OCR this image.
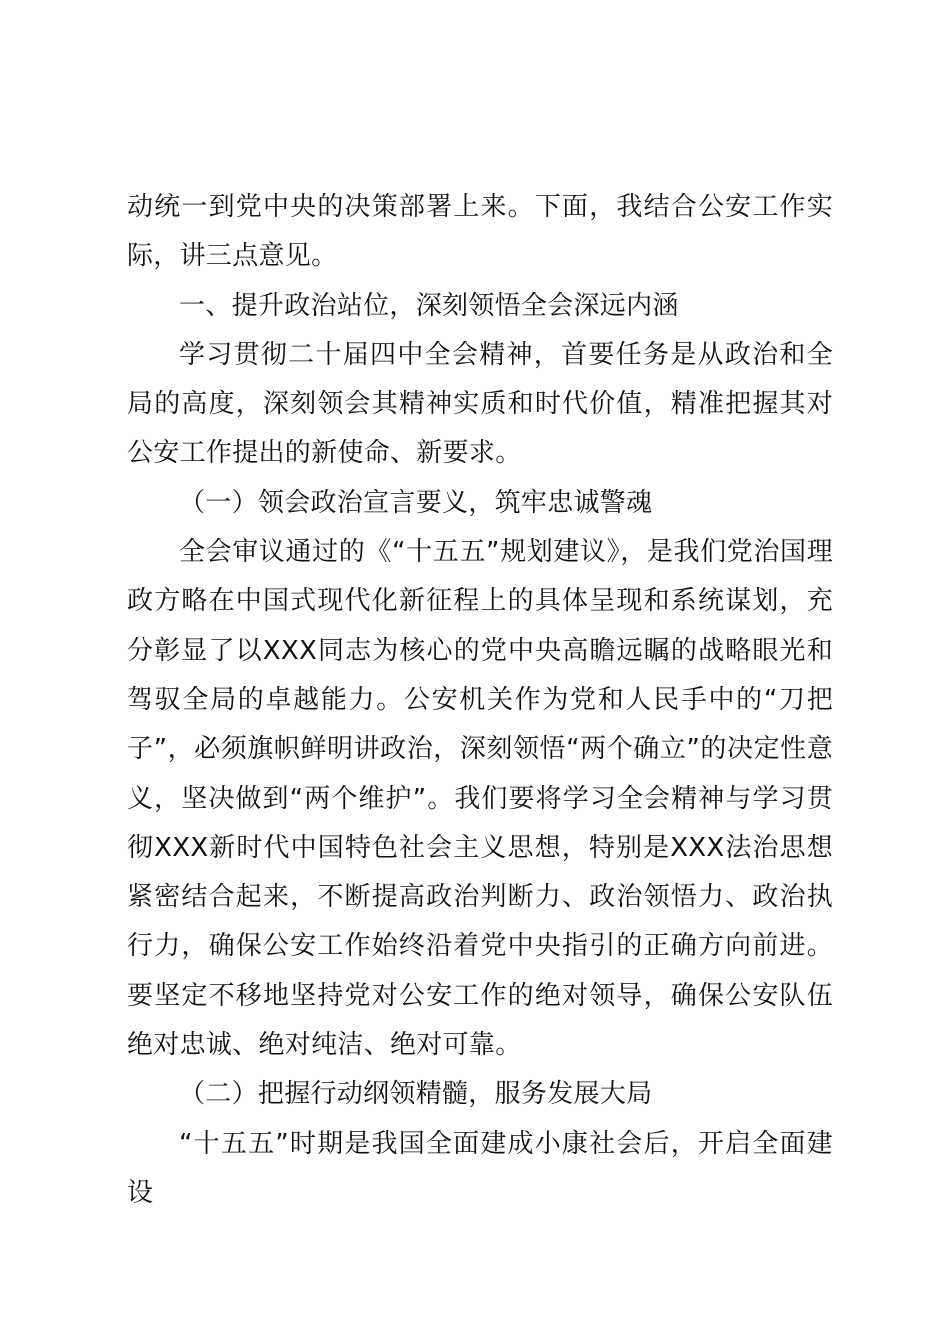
动统一到党中央的决策部署上来。下面，我结合公安工作实际，讲三点意见。

一、提升政治站位，深刻领悟全会深远内涵

学习贯彻二十届四中全会精神，首要任务是从政治和全局的高度，深刻领会其精神实质和时代价值，精准把握其对公安工作提出的新使命、新要求。

（一）领会政治宣言要义，筑牢忠诚警魂

全会审议通过的《“十五五”规划建议》，是我们党治国理政方略在中国式现代化新征程上的具体呈现和系统谋划，充分彰显了以XXX同志为核心的党中央高瞻远瞩的战略眼光和驾驭全局的卓越能力。公安机关作为党和人民手中的“刀把子”，必须旗帜鲜明讲政治，深刻领悟“两个确立”的决定性意义，坚决做到“两个维护”。我们要将学习全会精神与学习贯彻XXX新时代中国特色社会主义思想，特别是XXX法治思想紧密结合起来，不断提高政治判断力、政治领悟力、政治执行力，确保公安工作始终沿着党中央指引的正确方向前进。要坚定不移地坚持党对公安工作的绝对领导，确保公安队伍绝对忠诚、绝对纯洁、绝对可靠。

（二）把握行动纲领精髓，服务发展大局

“十五五”时期是我国全面建成小康社会后，开启全面建设
